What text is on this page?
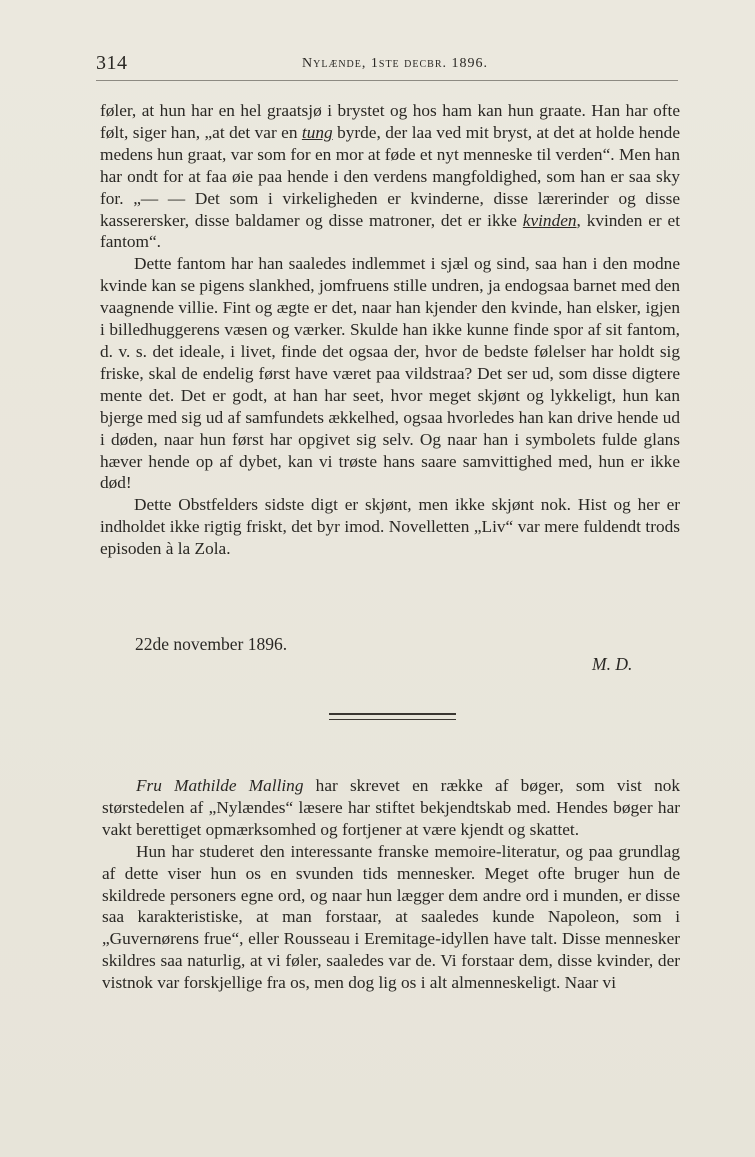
314	Nylænde, 1ste decbr. 1896.

føler, at hun har en hel graatsjø i brystet og hos ham kan hun graate. Han har ofte følt, siger han, „at det var en tung byrde, der laa ved mit bryst, at det at holde hende medens hun graat, var som for en mor at føde et nyt menneske til verden“. Men han har ondt for at faa øie paa hende i den verdens mangfoldighed, som han er saa sky for. „— — Det som i virkeligheden er kvinderne, disse lærerinder og disse kasserersker, disse baldamer og disse matroner, det er ikke kvinden, kvinden er et fantom“.

Dette fantom har han saaledes indlemmet i sjæl og sind, saa han i den modne kvinde kan se pigens slankhed, jomfruens stille undren, ja endogsaa barnet med den vaagnende villie. Fint og ægte er det, naar han kjender den kvinde, han elsker, igjen i billedhuggerens væsen og værker. Skulde han ikke kunne finde spor af sit fantom, d. v. s. det ideale, i livet, finde det ogsaa der, hvor de bedste følelser har holdt sig friske, skal de endelig først have været paa vildstraa? Det ser ud, som disse digtere mente det. Det er godt, at han har seet, hvor meget skjønt og lykkeligt, hun kan bjerge med sig ud af samfundets ækkelhed, ogsaa hvorledes han kan drive hende ud i døden, naar hun først har opgivet sig selv. Og naar han i symbolets fulde glans hæver hende op af dybet, kan vi trøste hans saare samvittighed med, hun er ikke død!

Dette Obstfelders sidste digt er skjønt, men ikke skjønt nok. Hist og her er indholdet ikke rigtig friskt, det byr imod. Novelletten „Liv“ var mere fuldendt trods episoden à la Zola.

22de november 1896.
M. D.

Fru Mathilde Malling har skrevet en række af bøger, som vist nok størstedelen af „Nylændes“ læsere har stiftet bekjendtskab med. Hendes bøger har vakt berettiget opmærksomhed og fortjener at være kjendt og skattet.

Hun har studeret den interessante franske memoire-literatur, og paa grundlag af dette viser hun os en svunden tids mennesker. Meget ofte bruger hun de skildrede personers egne ord, og naar hun lægger dem andre ord i munden, er disse saa karakteristiske, at man forstaar, at saaledes kunde Napoleon, som i „Guvernørens frue“, eller Rousseau i Eremitage-idyllen have talt. Disse mennesker skildres saa naturlig, at vi føler, saaledes var de. Vi forstaar dem, disse kvinder, der vistnok var forskjellige fra os, men dog lig os i alt almenneskeligt. Naar vi
